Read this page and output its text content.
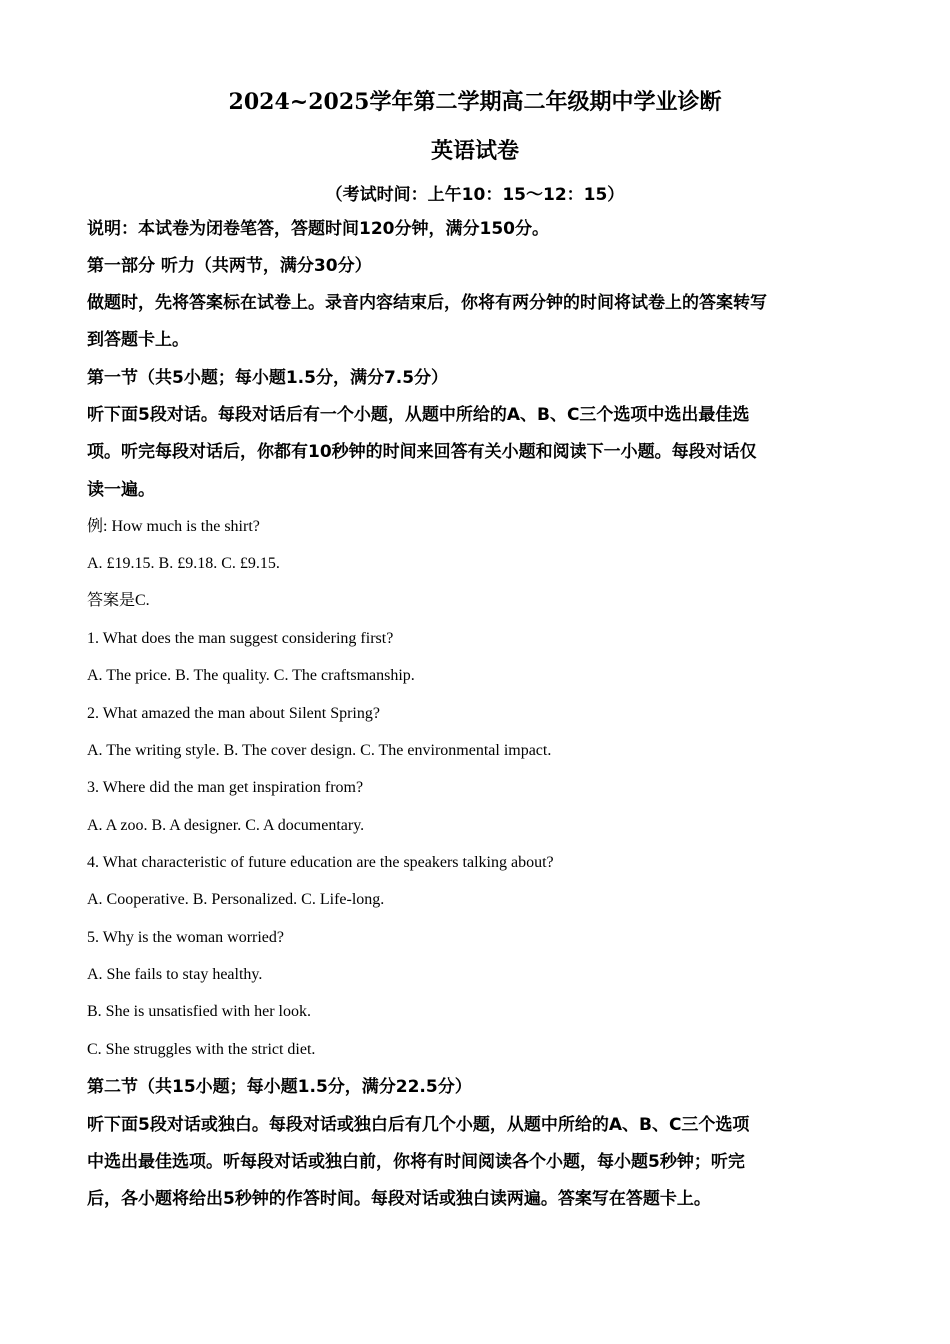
2024~2025学年第二学期高二年级期中学业诊断
英语试卷
（考试时间：上午10：15～12：15）
说明：本试卷为闭卷笔答，答题时间120分钟，满分150分。
第一部分 听力（共两节，满分30分）
做题时，先将答案标在试卷上。录音内容结束后，你将有两分钟的时间将试卷上的答案转写
到答题卡上。
第一节（共5小题；每小题1.5分，满分7.5分）
听下面5段对话。每段对话后有一个小题，从题中所给的A、B、C三个选项中选出最佳选
项。听完每段对话后，你都有10秒钟的时间来回答有关小题和阅读下一小题。每段对话仅
读一遍。
例: How much is the shirt?
A. £19.15. B. £9.18. C. £9.15.
答案是C.
1. What does the man suggest considering first?
A. The price. B. The quality. C. The craftsmanship.
2. What amazed the man about Silent Spring?
A. The writing style. B. The cover design. C. The environmental impact.
3. Where did the man get inspiration from?
A. A zoo. B. A designer. C. A documentary.
4. What characteristic of future education are the speakers talking about?
A. Cooperative. B. Personalized. C. Life-long.
5. Why is the woman worried?
A. She fails to stay healthy.
B. She is unsatisfied with her look.
C. She struggles with the strict diet.
第二节（共15小题；每小题1.5分，满分22.5分）
听下面5段对话或独白。每段对话或独白后有几个小题，从题中所给的A、B、C三个选项
中选出最佳选项。听每段对话或独白前，你将有时间阅读各个小题，每小题5秒钟；听完
后，各小题将给出5秒钟的作答时间。每段对话或独白读两遍。答案写在答题卡上。
